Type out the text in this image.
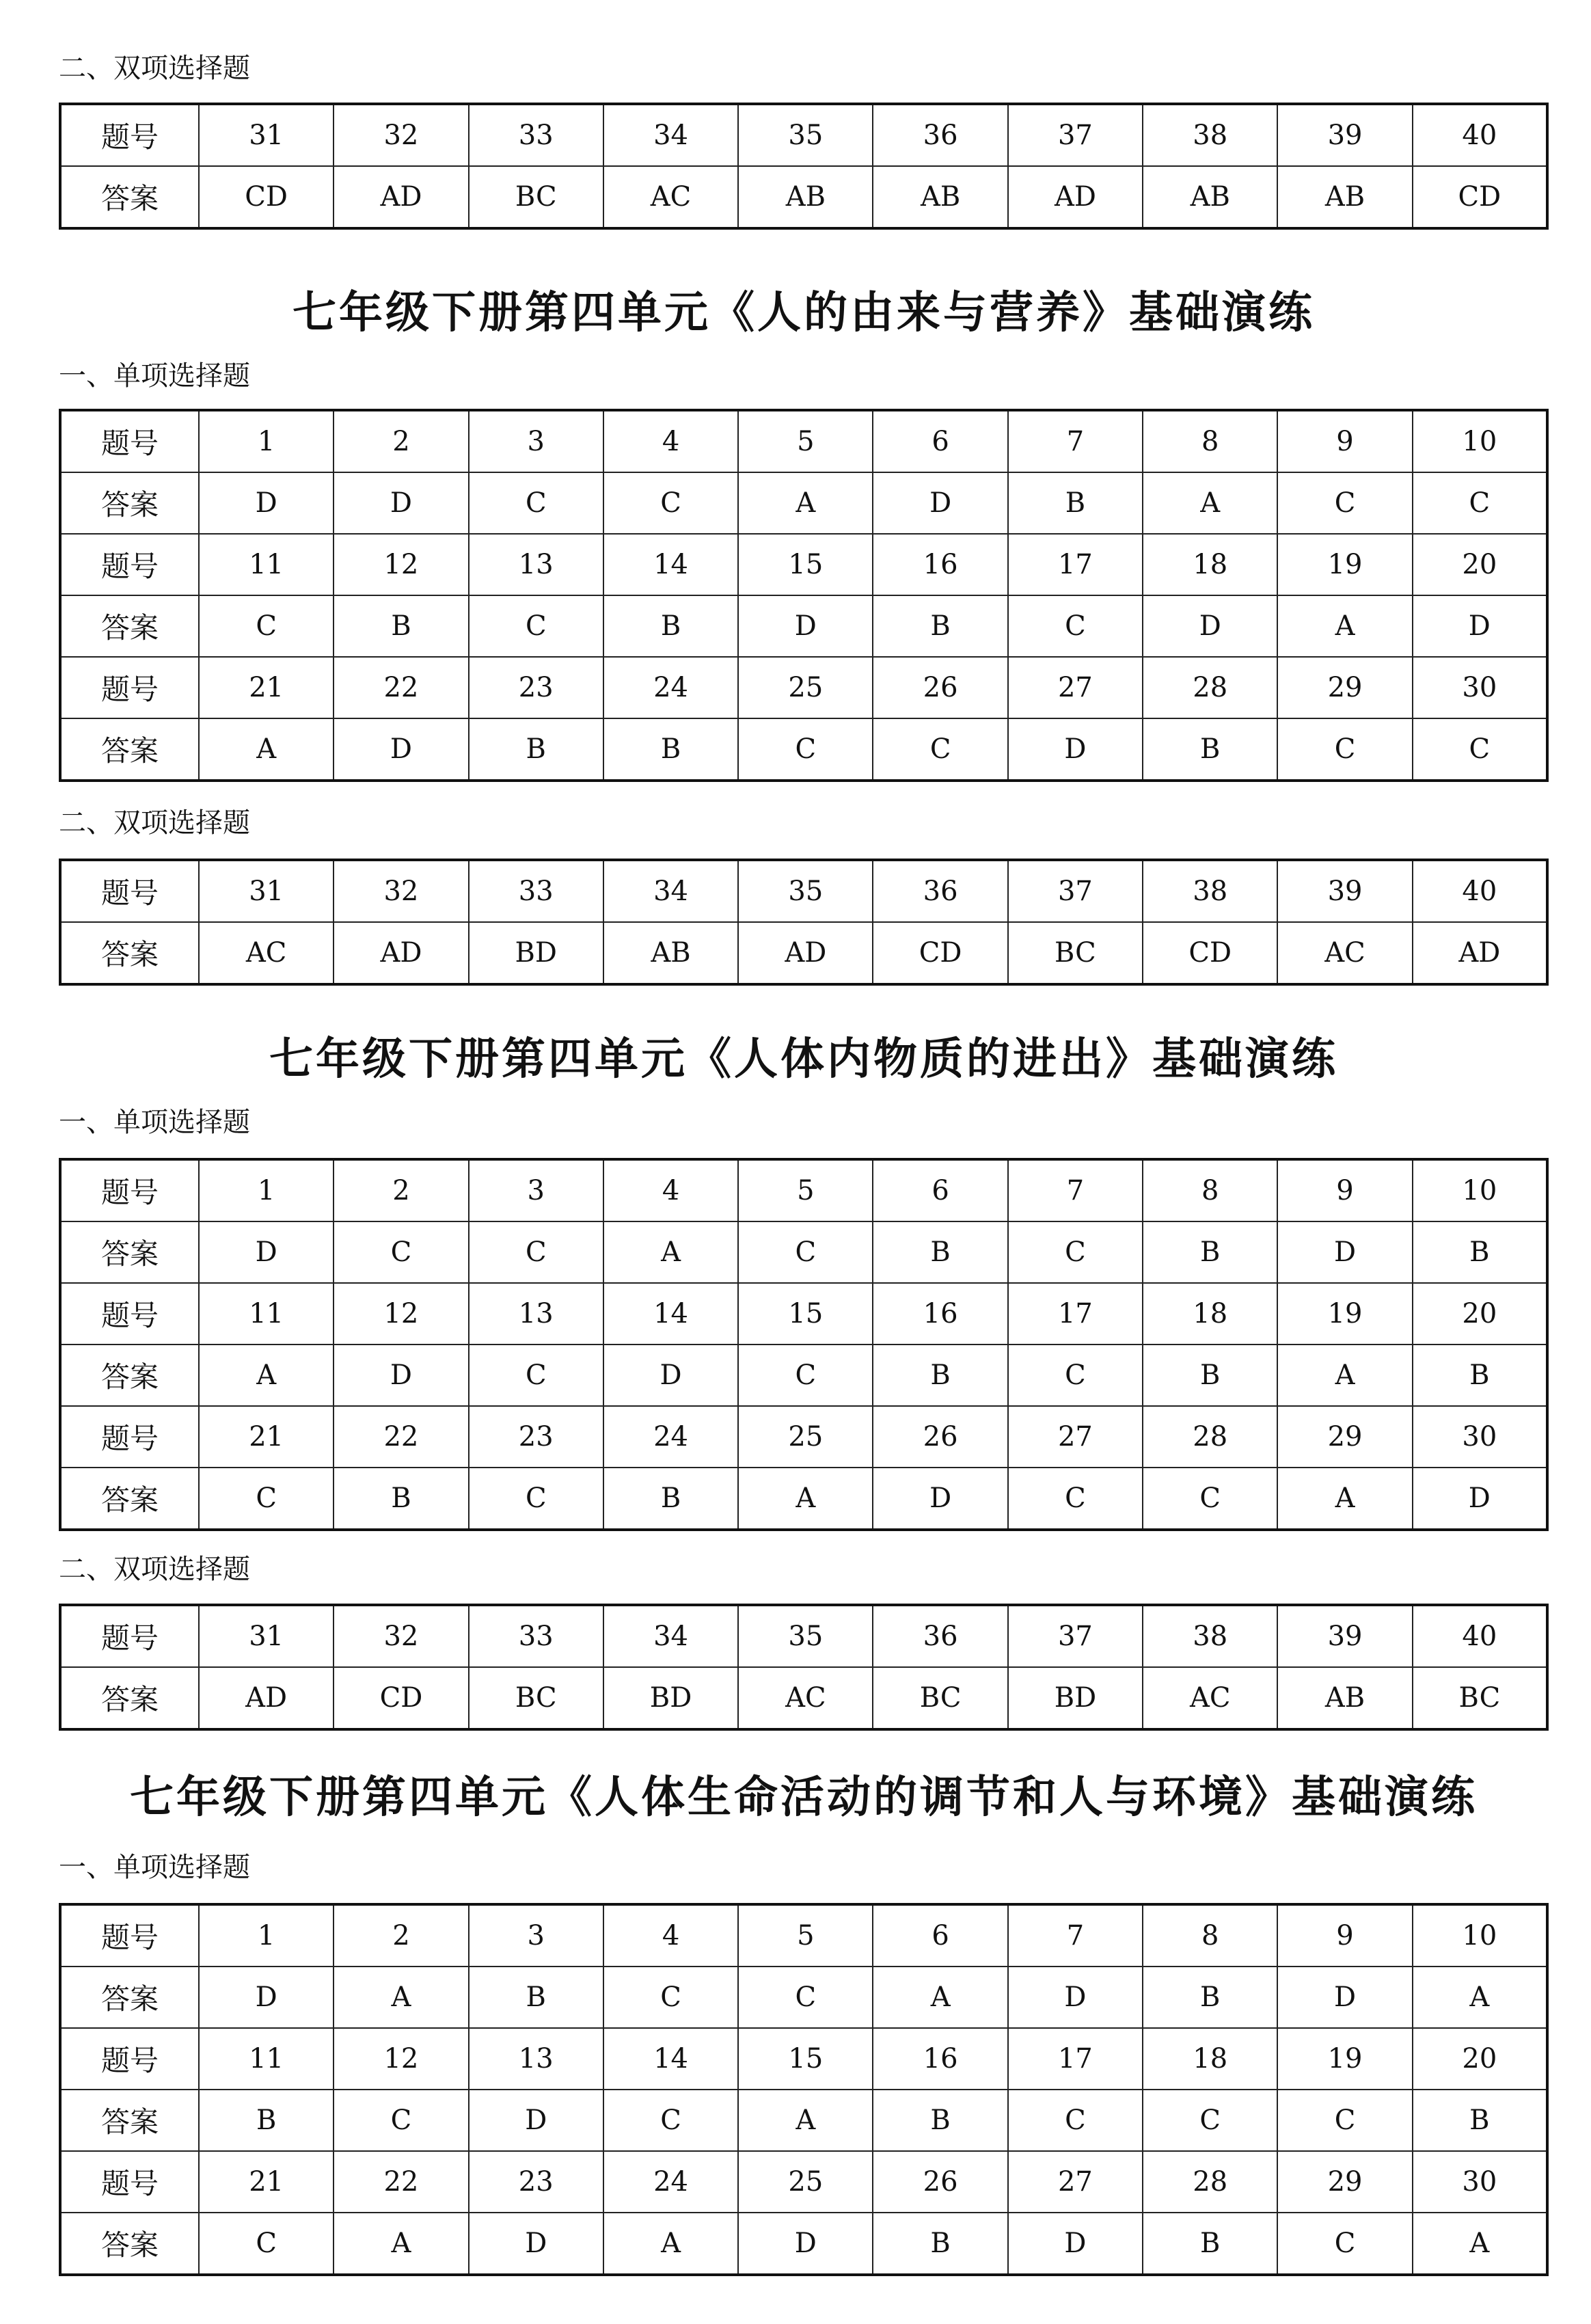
二、双项选择题
题号	31	32	33	34	35	36	37	38	39	40
答案	CD	AD	BC	AC	AB	AB	AD	AB	AB	CD
七年级下册第四单元《人的由来与营养》基础演练
一、单项选择题
题号	1	2	3	4	5	6	7	8	9	10
答案	D	D	C	C	A	D	B	A	C	C
题号	11	12	13	14	15	16	17	18	19	20
答案	C	B	C	B	D	B	C	D	A	D
题号	21	22	23	24	25	26	27	28	29	30
答案	A	D	B	B	C	C	D	B	C	C
二、双项选择题
题号	31	32	33	34	35	36	37	38	39	40
答案	AC	AD	BD	AB	AD	CD	BC	CD	AC	AD
七年级下册第四单元《人体内物质的进出》基础演练
一、单项选择题
题号	1	2	3	4	5	6	7	8	9	10
答案	D	C	C	A	C	B	C	B	D	B
题号	11	12	13	14	15	16	17	18	19	20
答案	A	D	C	D	C	B	C	B	A	B
题号	21	22	23	24	25	26	27	28	29	30
答案	C	B	C	B	A	D	C	C	A	D
二、双项选择题
题号	31	32	33	34	35	36	37	38	39	40
答案	AD	CD	BC	BD	AC	BC	BD	AC	AB	BC
七年级下册第四单元《人体生命活动的调节和人与环境》基础演练
一、单项选择题
题号	1	2	3	4	5	6	7	8	9	10
答案	D	A	B	C	C	A	D	B	D	A
题号	11	12	13	14	15	16	17	18	19	20
答案	B	C	D	C	A	B	C	C	C	B
题号	21	22	23	24	25	26	27	28	29	30
答案	C	A	D	A	D	B	D	B	C	A
